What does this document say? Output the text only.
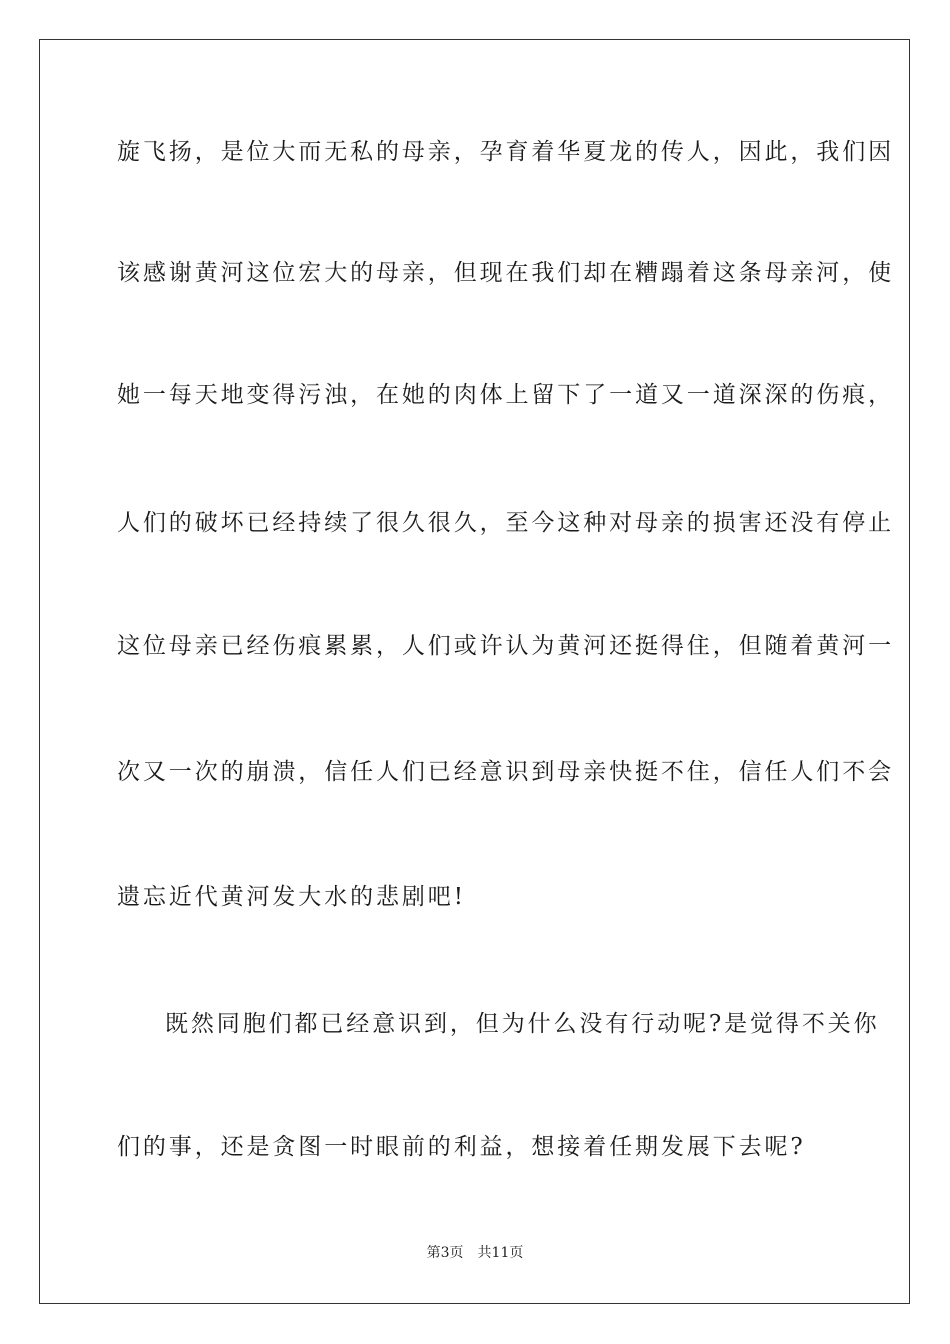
旋飞扬，是位大而无私的母亲，孕育着华夏龙的传人，因此，我们因
该感谢黄河这位宏大的母亲，但现在我们却在糟蹋着这条母亲河，使
她一每天地变得污浊，在她的肉体上留下了一道又一道深深的伤痕，
人们的破坏已经持续了很久很久，至今这种对母亲的损害还没有停止
这位母亲已经伤痕累累，人们或许认为黄河还挺得住，但随着黄河一
次又一次的崩溃，信任人们已经意识到母亲快挺不住，信任人们不会
遗忘近代黄河发大水的悲剧吧!
既然同胞们都已经意识到，但为什么没有行动呢?是觉得不关你
们的事，还是贪图一时眼前的利益，想接着任期发展下去呢?
第3页 共11页
